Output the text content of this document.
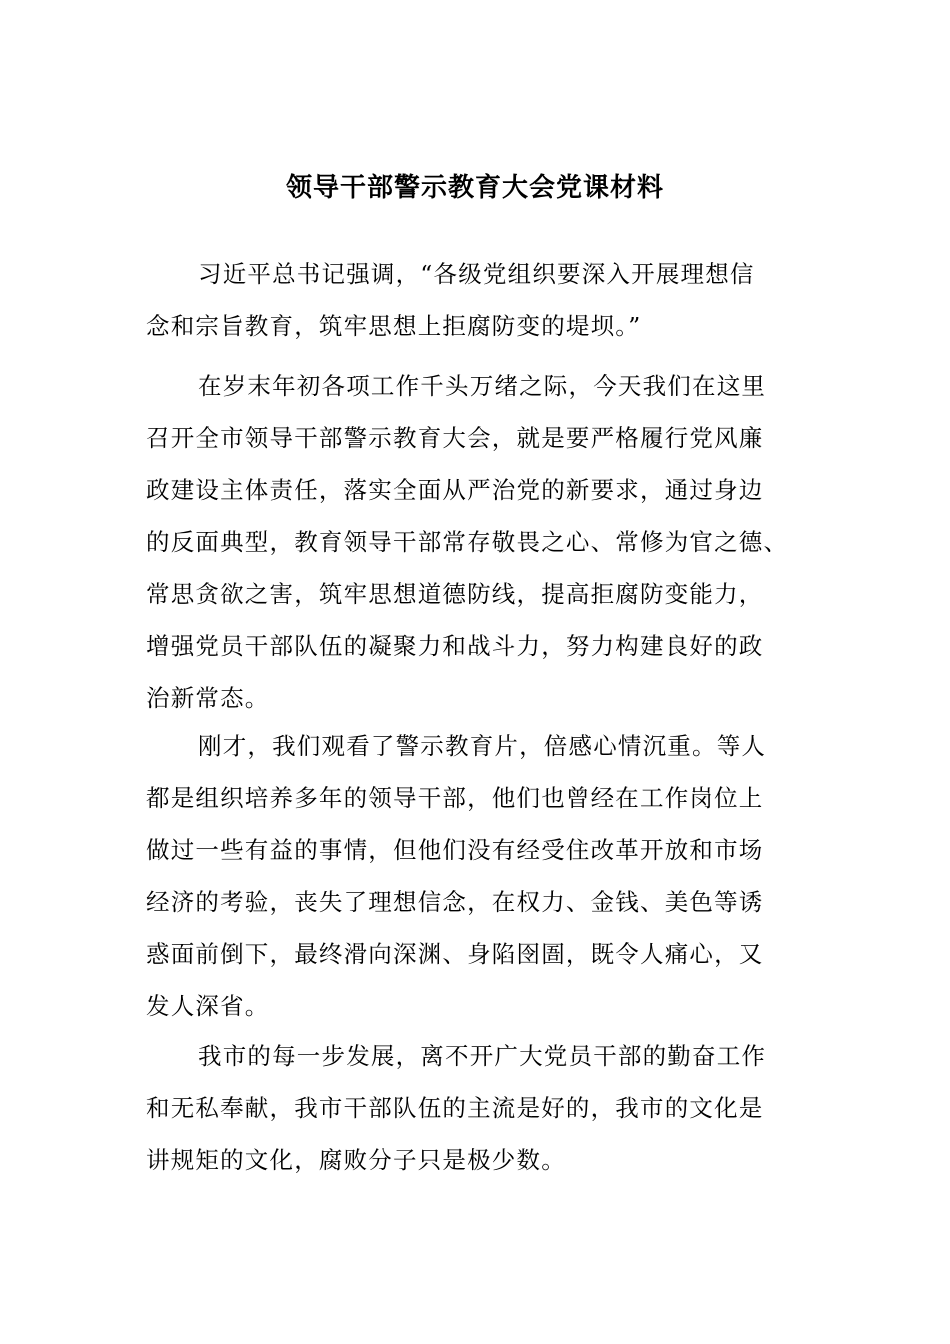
领导干部警示教育大会党课材料
习近平总书记强调，“各级党组织要深入开展理想信
念和宗旨教育，筑牢思想上拒腐防变的堤坝。”
在岁末年初各项工作千头万绪之际，今天我们在这里
召开全市领导干部警示教育大会，就是要严格履行党风廉
政建设主体责任，落实全面从严治党的新要求，通过身边
的反面典型，教育领导干部常存敬畏之心、常修为官之德、
常思贪欲之害，筑牢思想道德防线，提高拒腐防变能力，
增强党员干部队伍的凝聚力和战斗力，努力构建良好的政
治新常态。
刚才，我们观看了警示教育片，倍感心情沉重。等人
都是组织培养多年的领导干部，他们也曾经在工作岗位上
做过一些有益的事情，但他们没有经受住改革开放和市场
经济的考验，丧失了理想信念，在权力、金钱、美色等诱
惑面前倒下，最终滑向深渊、身陷囹圄，既令人痛心，又
发人深省。
我市的每一步发展，离不开广大党员干部的勤奋工作
和无私奉献，我市干部队伍的主流是好的，我市的文化是
讲规矩的文化，腐败分子只是极少数。
